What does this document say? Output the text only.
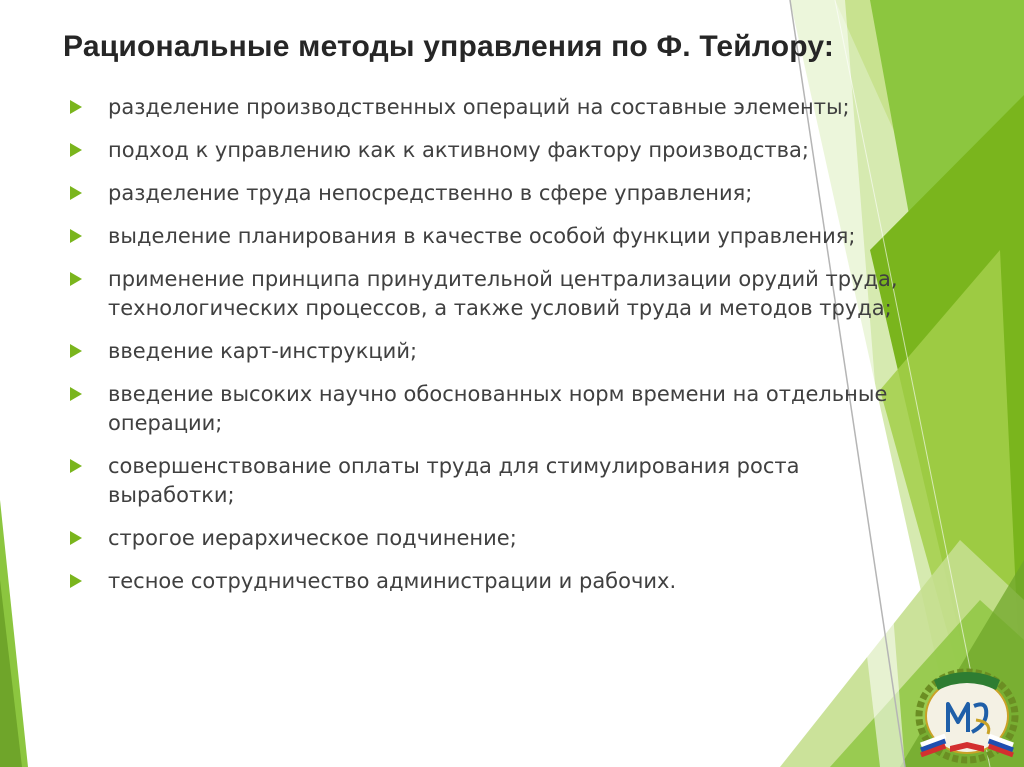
Рациональные методы управления по Ф. Тейлору:
разделение производственных операций на составные элементы;
подход к управлению как к активному фактору производства;
разделение труда непосредственно в сфере управления;
выделение планирования в качестве особой функции управления;
применение принципа принудительной централизации орудий труда, технологических процессов, а также условий труда и методов труда;
введение карт-инструкций;
введение высоких научно обоснованных норм времени на отдельные операции;
совершенствование оплаты труда для стимулирования роста выработки;
строгое иерархическое подчинение;
тесное сотрудничество администрации и рабочих.
